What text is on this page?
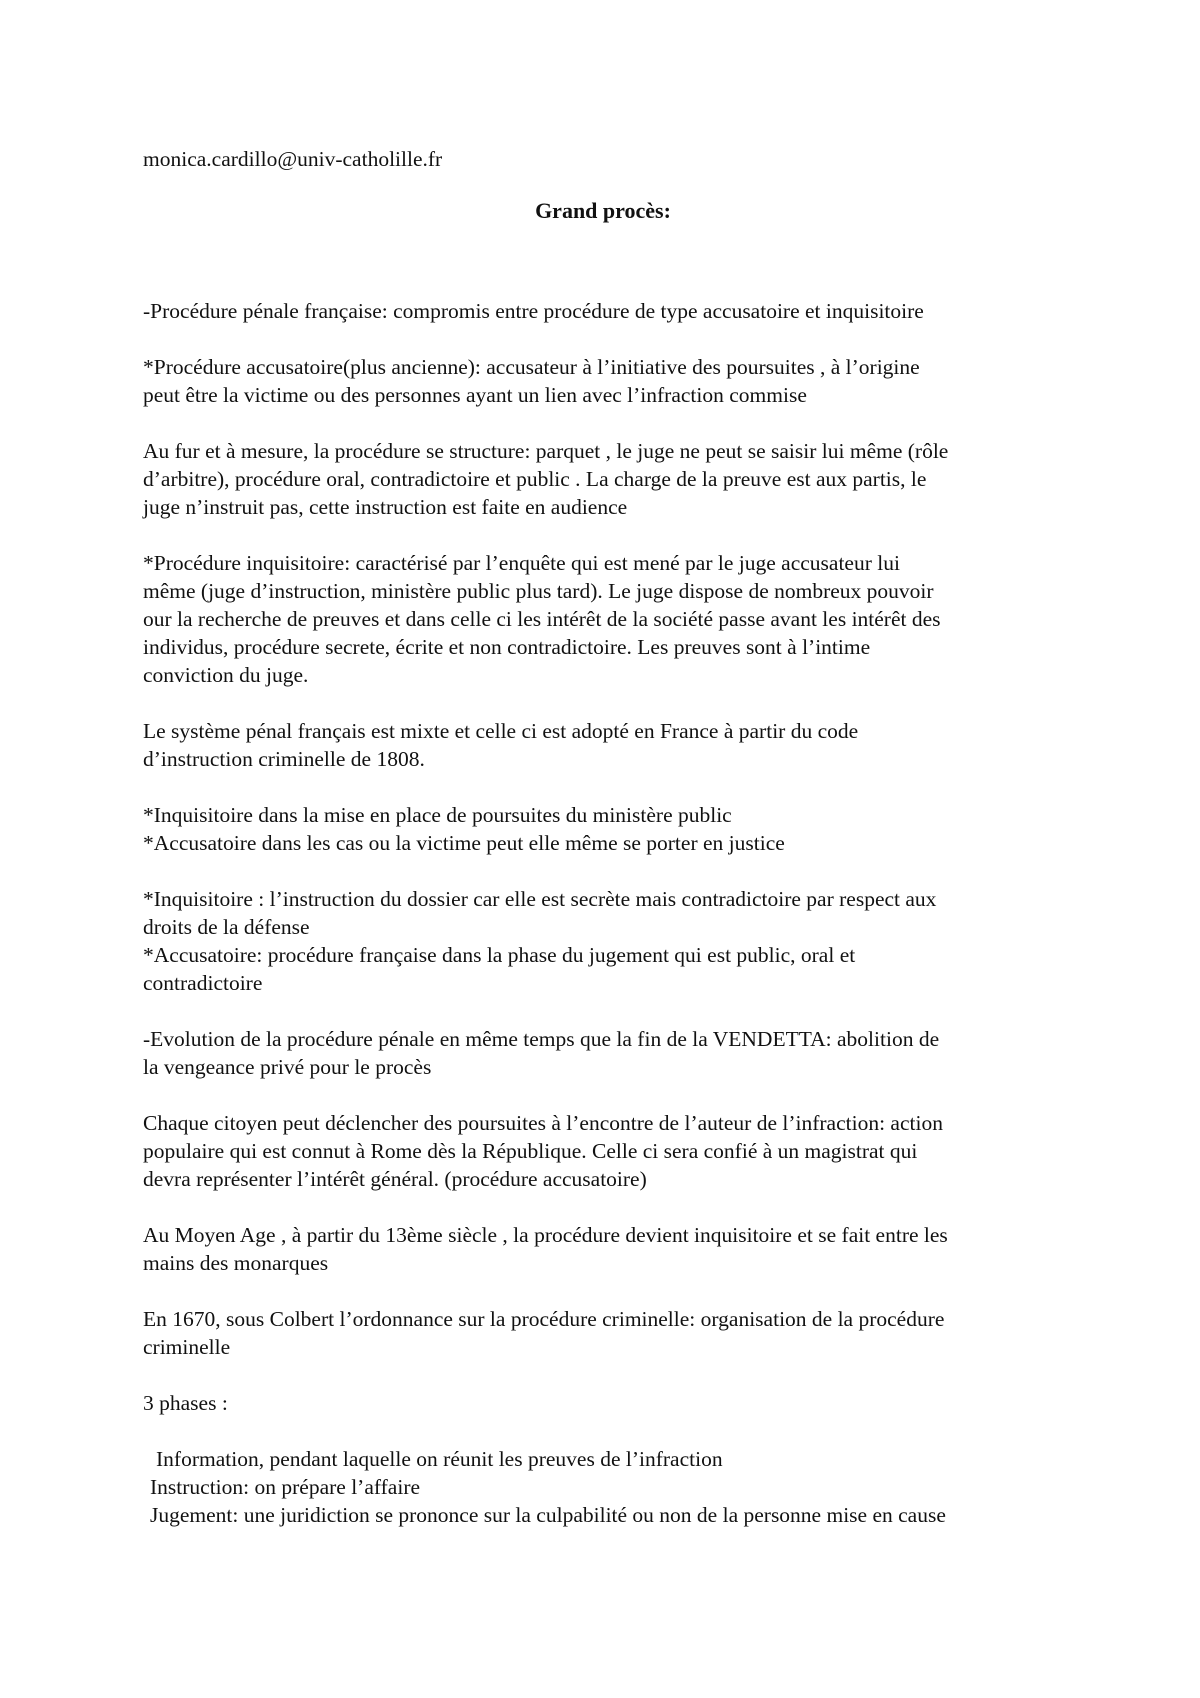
monica.cardillo@univ-catholille.fr

Grand procès:

-Procédure pénale française: compromis entre procédure de type accusatoire et inquisitoire

*Procédure accusatoire(plus ancienne): accusateur à l’initiative des poursuites , à l’origine
peut être la victime ou des personnes ayant un lien avec l’infraction commise

Au fur et à mesure, la procédure se structure: parquet , le juge ne peut se saisir lui même (rôle
d’arbitre), procédure oral, contradictoire et public . La charge de la preuve est aux partis, le
juge n’instruit pas, cette instruction est faite en audience

*Procédure inquisitoire: caractérisé par l’enquête qui est mené par le juge accusateur lui
même (juge d’instruction, ministère public plus tard). Le juge dispose de nombreux pouvoir
our la recherche de preuves et dans celle ci les intérêt de la société passe avant les intérêt des
individus, procédure secrete, écrite et non contradictoire. Les preuves sont à l’intime
conviction du juge.

Le système pénal français est mixte et celle ci est adopté en France à partir du code
d’instruction criminelle de 1808.

*Inquisitoire dans la mise en place de poursuites du ministère public
*Accusatoire dans les cas ou la victime peut elle même se porter en justice

*Inquisitoire : l’instruction du dossier car elle est secrète mais contradictoire par respect aux
droits de la défense
*Accusatoire: procédure française dans la phase du jugement qui est public, oral et
contradictoire

-Evolution de la procédure pénale en même temps que la fin de la VENDETTA: abolition de
la vengeance privé pour le procès

Chaque citoyen peut déclencher des poursuites à l’encontre de l’auteur de l’infraction: action
populaire qui est connut à Rome dès la République. Celle ci sera confié à un magistrat qui
devra représenter l’intérêt général. (procédure accusatoire)

Au Moyen Age , à partir du 13ème siècle , la procédure devient inquisitoire et se fait entre les
mains des monarques

En 1670, sous Colbert l’ordonnance sur la procédure criminelle: organisation de la procédure
criminelle

3 phases :

Information, pendant laquelle on réunit les preuves de l’infraction
Instruction: on prépare l’affaire
Jugement: une juridiction se prononce sur la culpabilité ou non de la personne mise en cause
